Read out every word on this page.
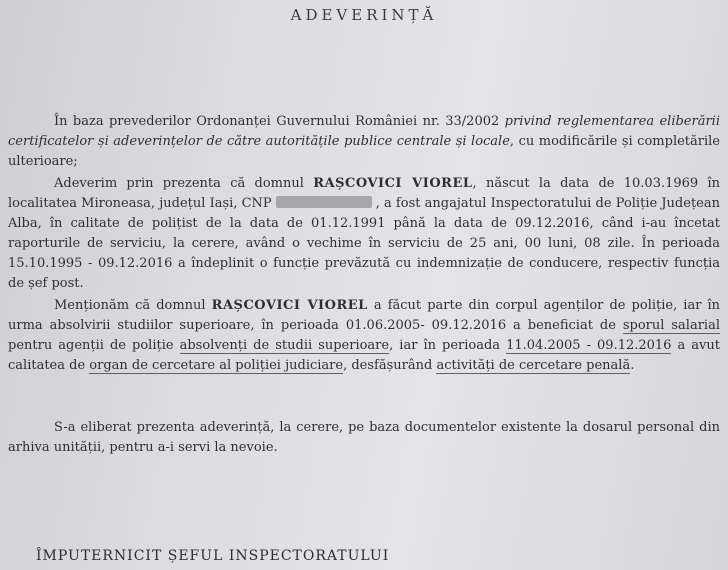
ADEVERINȚĂ
În baza prevederilor Ordonanței Guvernului României nr. 33/2002 privind reglementarea eliberării certificatelor și adeverințelor de către autoritățile publice centrale și locale, cu modificările și completările ulterioare;
Adeverim prin prezenta că domnul RAȘCOVICI VIOREL, născut la data de 10.03.1969 în localitatea Mironeasa, județul Iași, CNP	, a fost angajatul Inspectoratului de Poliție Județean Alba, în calitate de polițist de la data de 01.12.1991 până la data de 09.12.2016, când i-au încetat raporturile de serviciu, la cerere, având o vechime în serviciu de 25 ani, 00 luni, 08 zile. În perioada 15.10.1995 - 09.12.2016 a îndeplinit o funcție prevăzută cu indemnizație de conducere, respectiv funcția de șef post.
Menționăm că domnul RAȘCOVICI VIOREL a făcut parte din corpul agenților de poliție, iar în urma absolvirii studiilor superioare, în perioada 01.06.2005- 09.12.2016 a beneficiat de sporul salarial pentru agenții de poliție absolvenți de studii superioare, iar în perioada 11.04.2005 - 09.12.2016 a avut calitatea de organ de cercetare al poliției judiciare, desfășurând activități de cercetare penală.
S-a eliberat prezenta adeverință, la cerere, pe baza documentelor existente la dosarul personal din arhiva unității, pentru a-i servi la nevoie.
ÎMPUTERNICIT ȘEFUL INSPECTORATULUI
